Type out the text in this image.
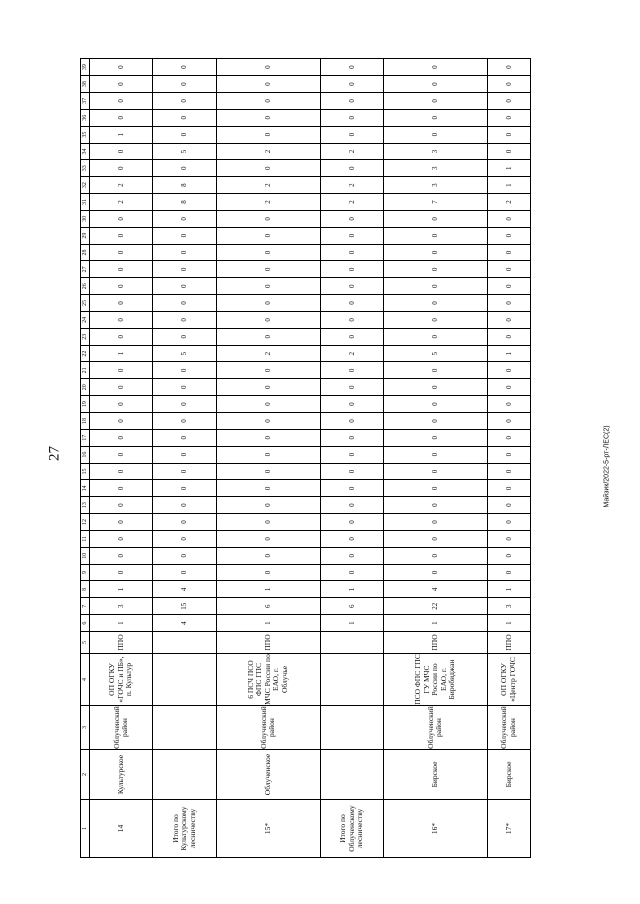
27	Майзик/2022-5-рт-ЛЕС(2)
1	2	3	4	5	6	7	8	9	10	11	12	13	14	15	16	17	18	19	20	21	22	23	24	25	26	27	28	29	30	31	32	33	34	35	36	37	38	39
14	Культурское	Облученский район	ОП ОГКУ «ГОЧС и ПБ», п. Культур	ППО	1	3	1	0	0	0	0	0	0	0	0	0	0	0	0	0	1	0	0	0	0	0	0	0	0	2	2	0	0	1	0	0	0	0
Итого по Культурскому лесничеству					4	15	4	0	0	0	0	0	0	0	0	0	0	0	0	0	5	0	0	0	0	0	0	0	0	8	8	0	5	0	0	0	0	0
15*	Облученское	Облученский район	6 ПСЧ ПСО ФПС ГПС МЧС России по ЕАО, г. Облучье	ППО	1	6	1	0	0	0	0	0	0	0	0	0	0	0	0	0	2	0	0	0	0	0	0	0	0	2	2	0	2	0	0	0	0	0
Итого по Облученскому лесничеству					1	6	1	0	0	0	0	0	0	0	0	0	0	0	0	0	2	0	0	0	0	0	0	0	0	2	2	0	2	0	0	0	0	0
16*	Бирское	Облученский район	ПСО ФПС ГПС ГУ МЧС России по ЕАО, г. Биробиджан	ППО	1	22	4	0	0	0	0	0	0	0	0	0	0	0	0	0	5	0	0	0	0	0	0	0	0	7	3	3	3	0	0	0	0	0
17*	Бирское	Облученский район	ОП ОГКУ «Центр ГОЧС	ППО	1	3	1	0	0	0	0	0	0	0	0	0	0	0	0	0	1	0	0	0	0	0	0	0	0	2	1	1	0	0	0	0	0	0
